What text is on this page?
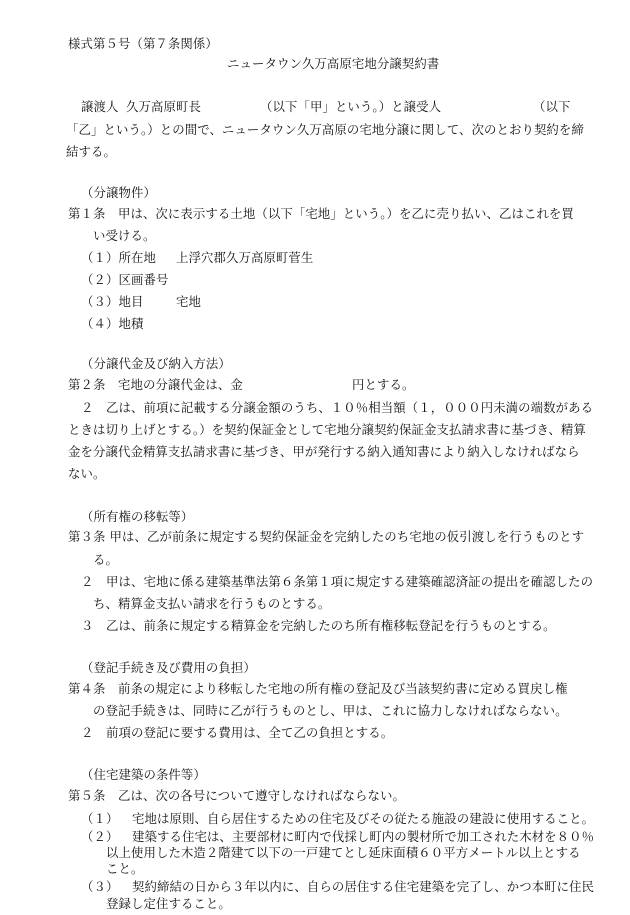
様式第５号（第７条関係）
ニュータウン久万高原宅地分譲契約書
譲渡人 久万高原町長	（以下「甲」という。）と譲受人	（以下
「乙」という。）との間で、ニュータウン久万高原の宅地分譲に関して、次のとおり契約を締
結する。
（分譲物件）
第１条　甲は、次に表示する土地（以下「宅地」という。）を乙に売り払い、乙はこれを買
い受ける。
（１）所在地 上浮穴郡久万高原町菅生
（２）区画番号
（３）地目	宅地
（４）地積
（分譲代金及び納入方法）
第２条　宅地の分譲代金は、金	円とする。
２　乙は、前項に記載する分譲金額のうち、１０％相当額（１，０００円未満の端数がある
ときは切り上げとする。）を契約保証金として宅地分譲契約保証金支払請求書に基づき、精算
金を分譲代金精算支払請求書に基づき、甲が発行する納入通知書により納入しなければなら
ない。
（所有権の移転等）
第３条 甲は、乙が前条に規定する契約保証金を完納したのち宅地の仮引渡しを行うものとす
る。
２　甲は、宅地に係る建築基準法第６条第１項に規定する建築確認済証の提出を確認したの
ち、精算金支払い請求を行うものとする。
３　乙は、前条に規定する精算金を完納したのち所有権移転登記を行うものとする。
（登記手続き及び費用の負担）
第４条　前条の規定により移転した宅地の所有権の登記及び当該契約書に定める買戻し権
の登記手続きは、同時に乙が行うものとし、甲は、これに協力しなければならない。
２　前項の登記に要する費用は、全て乙の負担とする。
（住宅建築の条件等）
第５条　乙は、次の各号について遵守しなければならない。
（１） 宅地は原則、自ら居住するための住宅及びその従たる施設の建設に使用すること。
（２） 建築する住宅は、主要部材に町内で伐採し町内の製材所で加工された木材を８０％
以上使用した木造２階建て以下の一戸建てとし延床面積６０平方メートル以上とする
こと。
（３） 契約締結の日から３年以内に、自らの居住する住宅建築を完了し、かつ本町に住民
登録し定住すること。
